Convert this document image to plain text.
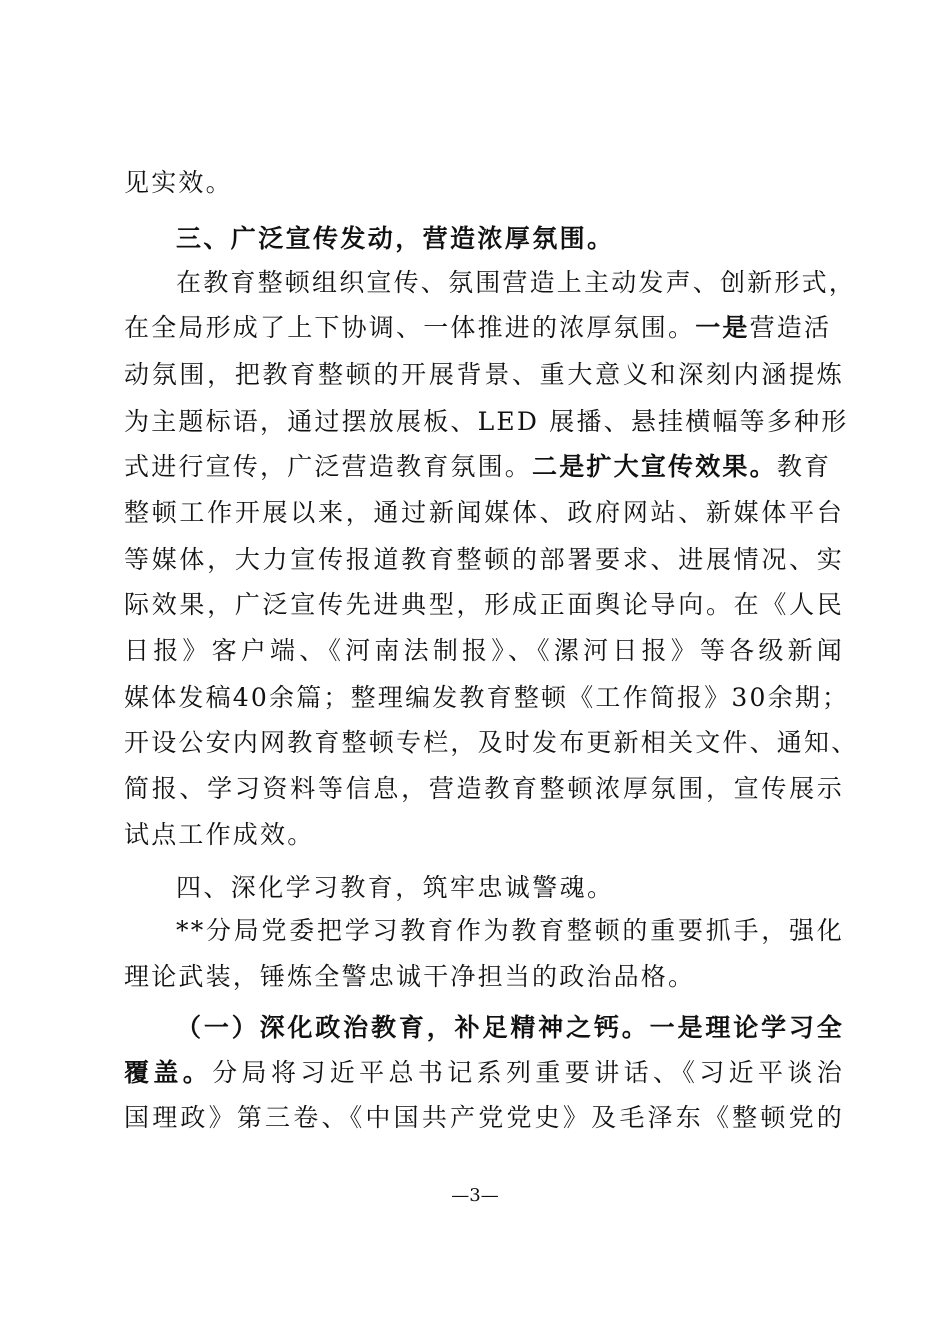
见实效。
三、广泛宣传发动，营造浓厚氛围。
在教育整顿组织宣传、氛围营造上主动发声、创新形式，
在全局形成了上下协调、一体推进的浓厚氛围。一是营造活
动氛围，把教育整顿的开展背景、重大意义和深刻内涵提炼
为主题标语，通过摆放展板、LED 展播、悬挂横幅等多种形
式进行宣传，广泛营造教育氛围。二是扩大宣传效果。教育
整顿工作开展以来，通过新闻媒体、政府网站、新媒体平台
等媒体，大力宣传报道教育整顿的部署要求、进展情况、实
际效果，广泛宣传先进典型，形成正面舆论导向。在《人民
日报》客户端、《河南法制报》、《漯河日报》等各级新闻
媒体发稿40余篇；整理编发教育整顿《工作简报》30余期；
开设公安内网教育整顿专栏，及时发布更新相关文件、通知、
简报、学习资料等信息，营造教育整顿浓厚氛围，宣传展示
试点工作成效。
四、深化学习教育，筑牢忠诚警魂。
**分局党委把学习教育作为教育整顿的重要抓手，强化
理论武装，锤炼全警忠诚干净担当的政治品格。
（一）深化政治教育，补足精神之钙。一是理论学习全
覆盖。分局将习近平总书记系列重要讲话、《习近平谈治
国理政》第三卷、《中国共产党党史》及毛泽东《整顿党的
—3—
